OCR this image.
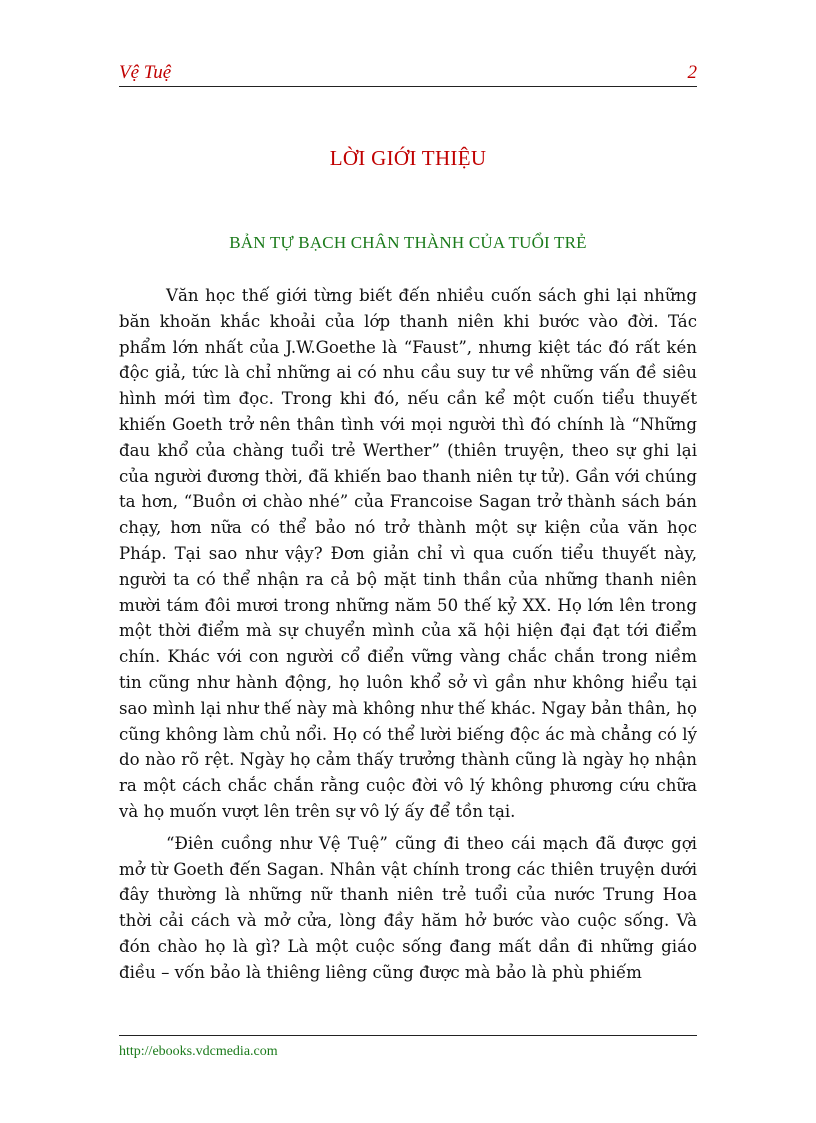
Vệ Tuệ	2
LỜI GIỚI THIỆU
BẢN TỰ BẠCH CHÂN THÀNH CỦA TUỔI TRẺ

Văn học thế giới từng biết đến nhiều cuốn sách ghi lại những băn khoăn khắc khoải của lớp thanh niên khi bước vào đời. Tác phẩm lớn nhất của J.W.Goethe là “Faust”, nhưng kiệt tác đó rất kén độc giả, tức là chỉ những ai có nhu cầu suy tư về những vấn đề siêu hình mới tìm đọc. Trong khi đó, nếu cần kể một cuốn tiểu thuyết khiến Goeth trở nên thân tình với mọi người thì đó chính là “Những đau khổ của chàng tuổi trẻ Werther” (thiên truyện, theo sự ghi lại của người đương thời, đã khiến bao thanh niên tự tử). Gần với chúng ta hơn, “Buồn ơi chào nhé” của Francoise Sagan trở thành sách bán chạy, hơn nữa có thể bảo nó trở thành một sự kiện của văn học Pháp. Tại sao như vậy? Đơn giản chỉ vì qua cuốn tiểu thuyết này, người ta có thể nhận ra cả bộ mặt tinh thần của những thanh niên mười tám đôi mươi trong những năm 50 thế kỷ XX. Họ lớn lên trong một thời điểm mà sự chuyển mình của xã hội hiện đại đạt tới điểm chín. Khác với con người cổ điển vững vàng chắc chắn trong niềm tin cũng như hành động, họ luôn khổ sở vì gần như không hiểu tại sao mình lại như thế này mà không như thế khác. Ngay bản thân, họ cũng không làm chủ nổi. Họ có thể lười biếng độc ác mà chẳng có lý do nào rõ rệt. Ngày họ cảm thấy trưởng thành cũng là ngày họ nhận ra một cách chắc chắn rằng cuộc đời vô lý không phương cứu chữa và họ muốn vượt lên trên sự vô lý ấy để tồn tại.

“Điên cuồng như Vệ Tuệ” cũng đi theo cái mạch đã được gợi mở từ Goeth đến Sagan. Nhân vật chính trong các thiên truyện dưới đây thường là những nữ thanh niên trẻ tuổi của nước Trung Hoa thời cải cách và mở cửa, lòng đầy hăm hở bước vào cuộc sống. Và đón chào họ là gì? Là một cuộc sống đang mất dần đi những giáo điều – vốn bảo là thiêng liêng cũng được mà bảo là phù phiếm

http://ebooks.vdcmedia.com
